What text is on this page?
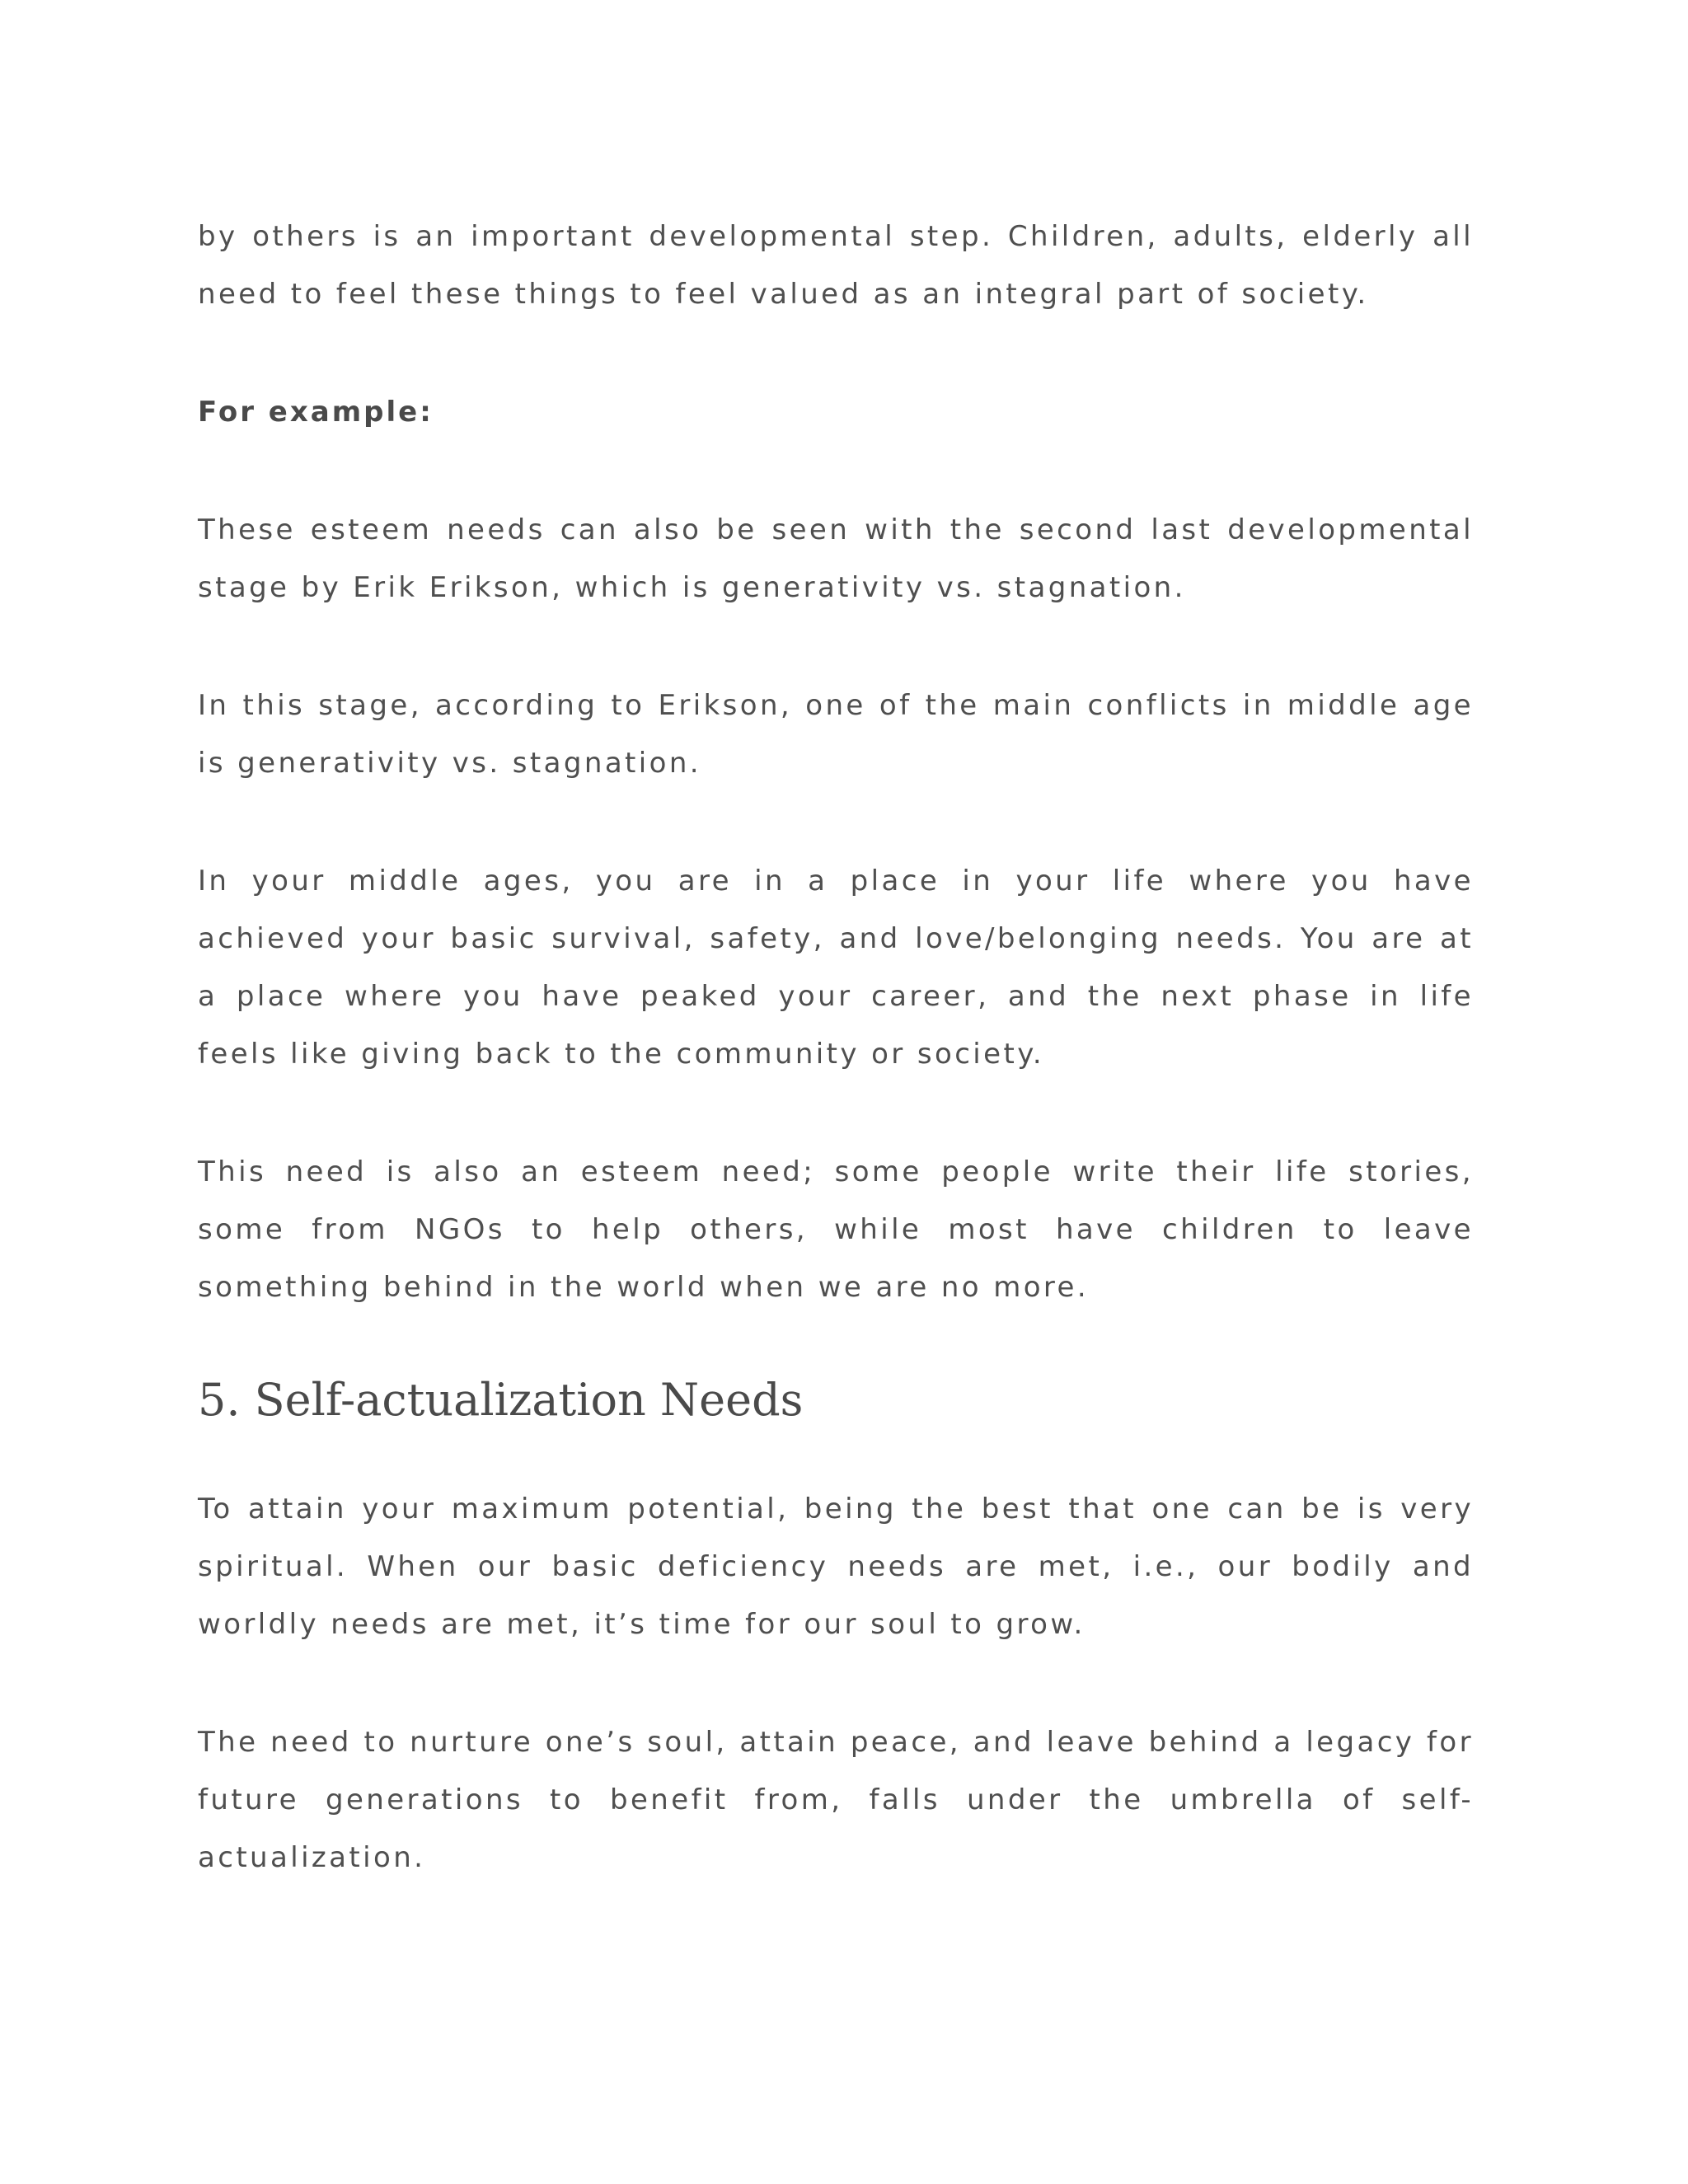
by others is an important developmental step. Children, adults, elderly all need to feel these things to feel valued as an integral part of society.

For example:

These esteem needs can also be seen with the second last developmental stage by Erik Erikson, which is generativity vs. stagnation.

In this stage, according to Erikson, one of the main conflicts in middle age is generativity vs. stagnation.

In your middle ages, you are in a place in your life where you have achieved your basic survival, safety, and love/belonging needs. You are at a place where you have peaked your career, and the next phase in life feels like giving back to the community or society.

This need is also an esteem need; some people write their life stories, some from NGOs to help others, while most have children to leave something behind in the world when we are no more.

5. Self-actualization Needs

To attain your maximum potential, being the best that one can be is very spiritual. When our basic deficiency needs are met, i.e., our bodily and worldly needs are met, it’s time for our soul to grow.

The need to nurture one’s soul, attain peace, and leave behind a legacy for future generations to benefit from, falls under the umbrella of self-actualization.
